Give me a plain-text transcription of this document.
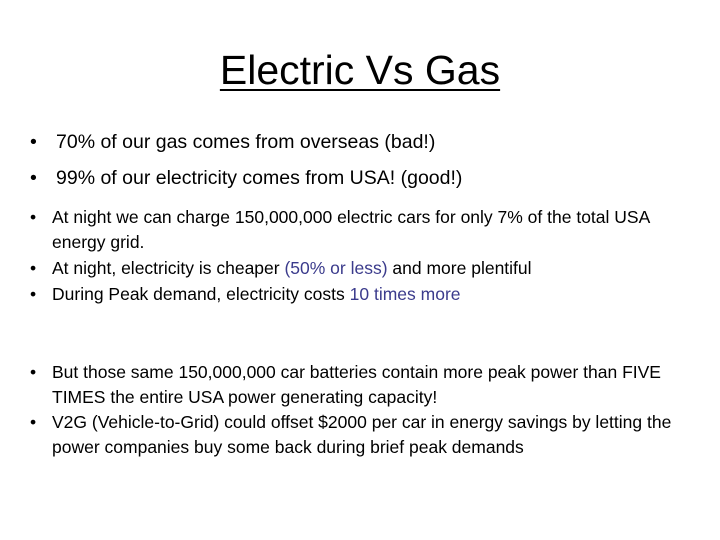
Electric Vs Gas
• 70% of our gas comes from overseas (bad!)
• 99% of our electricity comes from USA! (good!)
• At night we can charge 150,000,000 electric cars for only 7% of the total USA energy grid.
• At night, electricity is cheaper (50% or less) and more plentiful
• During Peak demand, electricity costs 10 times more
• But those same 150,000,000 car batteries contain more peak power than FIVE TIMES the entire USA power generating capacity!
• V2G (Vehicle-to-Grid) could offset $2000 per car in energy savings by letting the power companies buy some back during brief peak demands
